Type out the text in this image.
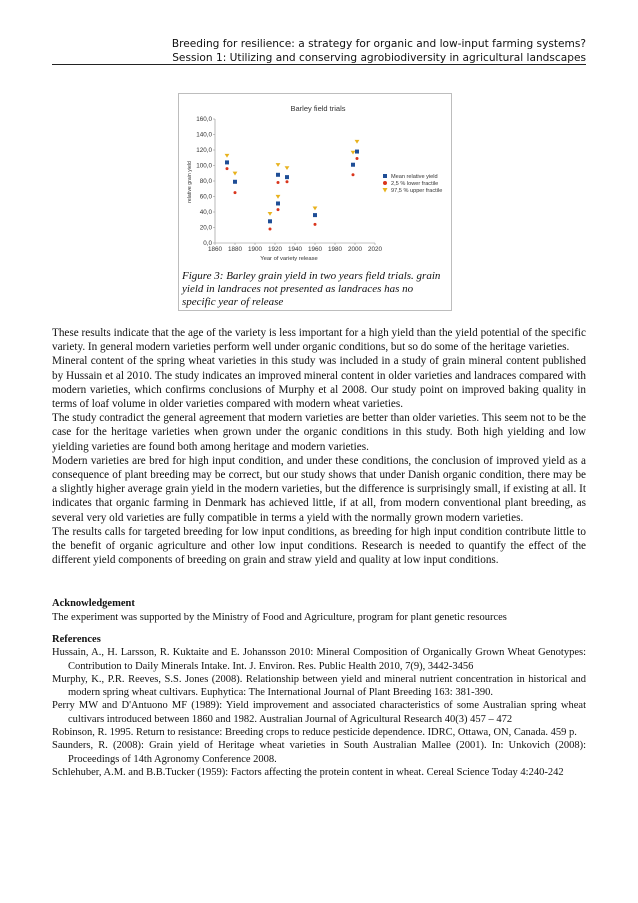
Breeding for resilience: a strategy for organic and low-input farming systems?
Session 1: Utilizing and conserving agrobiodiversity in agricultural landscapes
Barley field trials
0,0
20,0
40,0
60,0
80,0
100,0
120,0
140,0
160,0
1860 1880 1900 1920 1940 1960 1980 2000 2020
Year of variety release
relative grain yield	Mean relative yield
2,5 % lower fractile
97,5 % upper fractile
Figure 3: Barley grain yield in two years field trials. grain yield in landraces not presented as landraces has no specific year of release

These results indicate that the age of the variety is less important for a high yield than the yield potential of the specific variety. In general modern varieties perform well under organic conditions, but so do some of the heritage varieties.

Mineral content of the spring wheat varieties in this study was included in a study of grain mineral content published by Hussain et al 2010. The study indicates an improved mineral content in older varieties and landraces compared with modern varieties, which confirms conclusions of Murphy et al 2008. Our study point on improved baking quality in terms of loaf volume in older varieties compared with modern wheat varieties.

The study contradict the general agreement that modern varieties are better than older varieties. This seem not to be the case for the heritage varieties when grown under the organic conditions in this study. Both high yielding and low yielding varieties are found both among heritage and modern varieties.

Modern varieties are bred for high input condition, and under these conditions, the conclusion of improved yield as a consequence of plant breeding may be correct, but our study shows that under Danish organic condition, there may be a slightly higher average grain yield in the modern varieties, but the difference is surprisingly small, if existing at all. It indicates that organic farming in Denmark has achieved little, if at all, from modern conventional plant breeding, as several very old varieties are fully compatible in terms a yield with the normally grown modern varieties.

The results calls for targeted breeding for low input conditions, as breeding for high input condition contribute little to the benefit of organic agriculture and other low input conditions. Research is needed to quantify the effect of the different yield components of breeding on grain and straw yield and quality at low input conditions.

Acknowledgement

The experiment was supported by the Ministry of Food and Agriculture, program for plant genetic resources

References

Hussain, A., H. Larsson, R. Kuktaite and E. Johansson 2010: Mineral Composition of Organically Grown Wheat Genotypes: Contribution to Daily Minerals Intake. Int. J. Environ. Res. Public Health 2010, 7(9), 3442-3456

Murphy, K., P.R. Reeves, S.S. Jones (2008). Relationship between yield and mineral nutrient concentration in historical and modern spring wheat cultivars. Euphytica: The International Journal of Plant Breeding 163: 381-390.

Perry MW and D'Antuono MF (1989): Yield improvement and associated characteristics of some Australian spring wheat cultivars introduced between 1860 and 1982. Australian Journal of Agricultural Research 40(3) 457 – 472

Robinson, R. 1995. Return to resistance: Breeding crops to reduce pesticide dependence. IDRC, Ottawa, ON, Canada. 459 p.

Saunders, R. (2008): Grain yield of Heritage wheat varieties in South Australian Mallee (2001). In: Unkovich (2008): Proceedings of 14th Agronomy Conference 2008.

Schlehuber, A.M. and B.B.Tucker (1959): Factors affecting the protein content in wheat. Cereal Science Today 4:240-242
